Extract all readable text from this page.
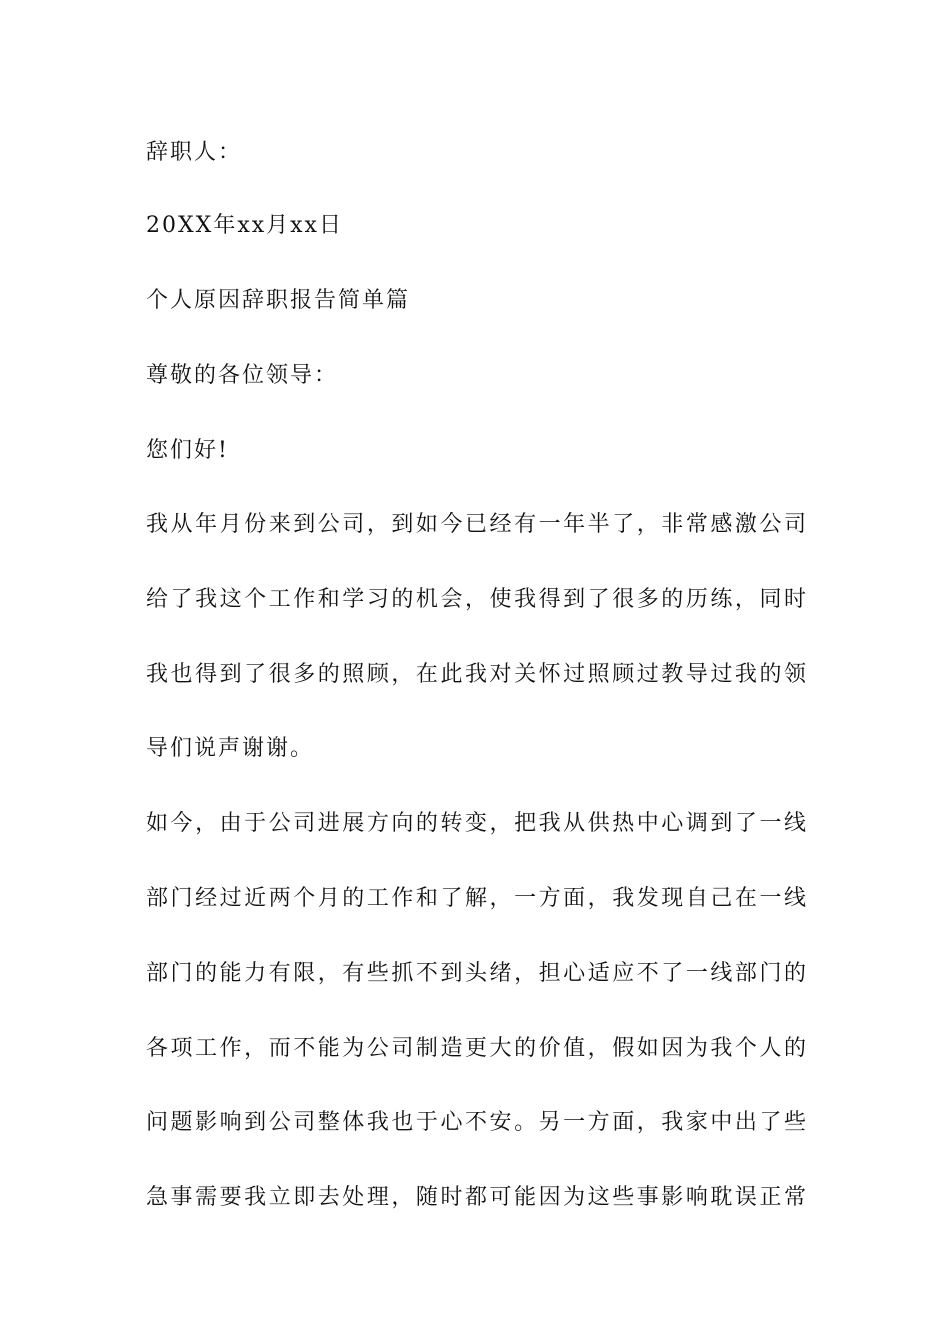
辞职人：
20XX年xx月xx日
个人原因辞职报告简单篇
尊敬的各位领导：
您们好!
我从年月份来到公司，到如今已经有一年半了，非常感激公司
给了我这个工作和学习的机会，使我得到了很多的历练，同时
我也得到了很多的照顾，在此我对关怀过照顾过教导过我的领
导们说声谢谢。
如今，由于公司进展方向的转变，把我从供热中心调到了一线
部门经过近两个月的工作和了解，一方面，我发现自己在一线
部门的能力有限，有些抓不到头绪，担心适应不了一线部门的
各项工作，而不能为公司制造更大的价值，假如因为我个人的
问题影响到公司整体我也于心不安。另一方面，我家中出了些
急事需要我立即去处理，随时都可能因为这些事影响耽误正常
